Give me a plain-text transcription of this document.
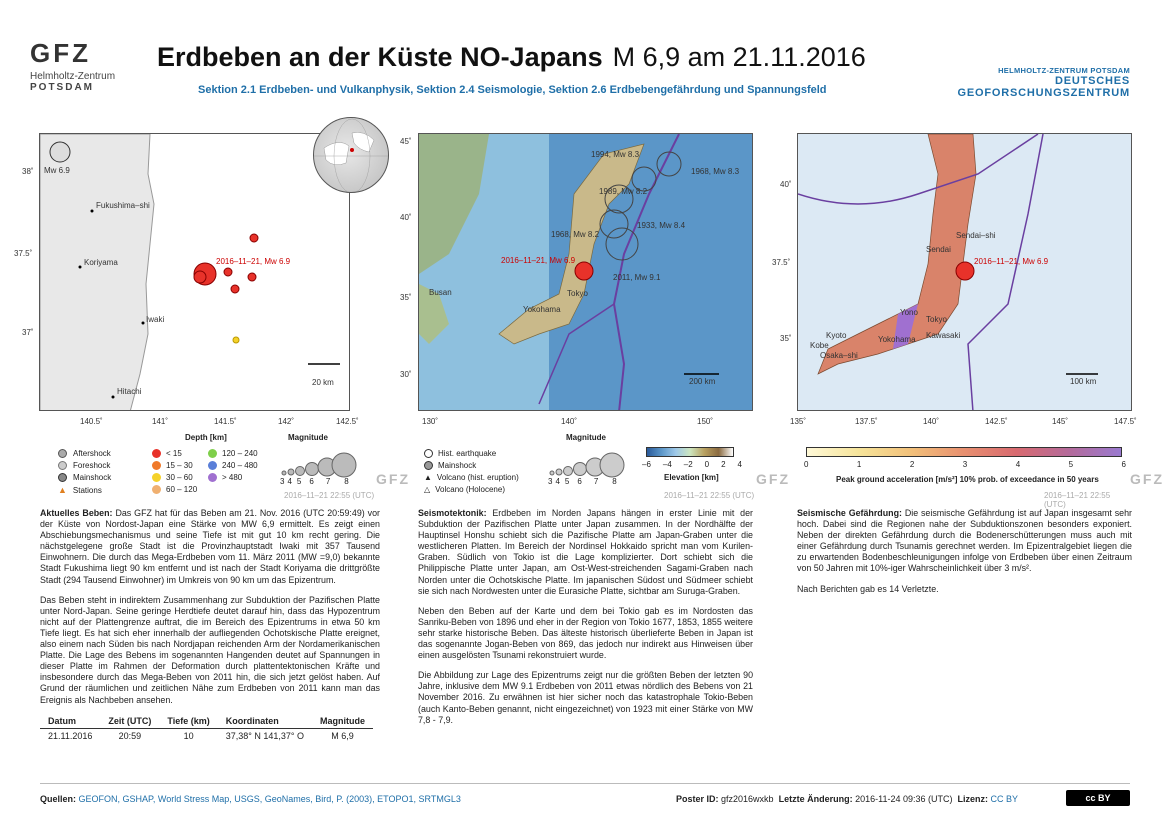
GFZ
Helmholtz-Zentrum
POTSDAM
Erdbeben an der Küste NO-Japans M 6,9 am 21.11.2016
Sektion 2.1 Erdbeben- und Vulkanphysik, Sektion 2.4 Seismologie, Sektion 2.6 Erdbebengefährdung und Spannungsfeld
HELMHOLTZ-ZENTRUM POTSDAM
DEUTSCHES
GEOFORSCHUNGSZENTRUM
Mw 6.9
Fukushima–shi
Koriyama
Iwaki
Hitachi
2016–11–21, Mw 6.9
20 km
38˚
37.5˚
37˚
140.5˚	141˚	141.5˚	142˚	142.5˚
1994, Mw 8.3
1968, Mw 8.3
1989, Mw 8.2
1933, Mw 8.4
1968, Mw 8.2
2016–11–21, Mw 6.9
2011, Mw 9.1
Busan	Tokyo
Yokohama
200 km
45˚
40˚
35˚
30˚
130˚	140˚	150˚
Sendai–shi
Sendai
2016–11–21, Mw 6.9
Yono
Tokyo
Kawasaki
Yokohama
Kyoto
Kobe
Osaka–shi
100 km
40˚
37.5˚
35˚
135˚	137.5˚	140˚	142.5˚	145˚	147.5˚
Aftershock
Foreshock
Mainshock
▲ Stations
Depth [km]
< 15
15 – 30
30 – 60
60 – 120
120 – 240
240 – 480
> 480
Magnitude
3 4 5 6 7 8 GFZ
2016–11–21 22:55 (UTC)
Hist. earthquake
Mainshock
▲ Volcano (hist. eruption)
△ Volcano (Holocene)
Magnitude
3 4 5 6 7 8
–6 –4 –2 0 2 4
Elevation [km]	GFZ
2016–11–21 22:55 (UTC)
0	1	2	3	4	5	6
Peak ground acceleration [m/s²] 10% prob. of exceedance in 50 years GFZ
2016–11–21 22:55 (UTC)

Aktuelles Beben: Das GFZ hat für das Beben am 21. Nov. 2016 (UTC 20:59:49) vor der Küste von Nordost-Japan eine Stärke von MW 6,9 ermittelt. Es zeigt einen Abschiebungsmechanismus und seine Tiefe ist mit gut 10 km recht gering. Die nächstgelegene große Stadt ist die Provinzhauptstadt Iwaki mit 357 Tausend Einwohnern. Die durch das Mega-Erdbeben vom 11. März 2011 (MW =9,0) bekannte Stadt Fukushima liegt 90 km entfernt und ist nach der Stadt Koriyama die drittgrößte Stadt (294 Tausend Einwohner) im Umkreis von 90 km um das Epizentrum.

Das Beben steht in indirektem Zusammenhang zur Subduktion der Pazifischen Platte unter Nord-Japan. Seine geringe Herdtiefe deutet darauf hin, dass das Hypozentrum nicht auf der Plattengrenze auftrat, die im Bereich des Epizentrums in etwa 50 km Tiefe liegt. Es hat sich eher innerhalb der aufliegenden Ochotskische Platte ereignet, also einem nach Süden bis nach Nordjapan reichenden Arm der Nordamerikanischen Platte. Die Lage des Bebens im sogenannten Hangenden deutet auf Spannungen in dieser Platte im Rahmen der Deformation durch plattentektonischen Kräfte und insbesondere durch das Mega-Beben von 2011 hin, die sich jetzt gelöst haben. Auf Grund der räumlichen und zeitlichen Nähe zum Erdbeben von 2011 kann man das Ereignis als Nachbeben ansehen.

Datum	Zeit (UTC)	Tiefe (km)	Koordinaten	Magnitude
21.11.2016	20:59	10	37,38° N 141,37° O	M 6,9

Seismotektonik: Erdbeben im Norden Japans hängen in erster Linie mit der Subduktion der Pazifischen Platte unter Japan zusammen. In der Nordhälfte der Hauptinsel Honshu schiebt sich die Pazifische Platte am Japan-Graben unter die westlicheren Platten. Im Bereich der Nordinsel Hokkaido spricht man vom Kurilen-Graben. Südlich von Tokio ist die Lage komplizierter. Dort schiebt sich die Philippische Platte unter Japan, am Ost-West-streichenden Sagami-Graben nach Norden unter die Ochotskische Platte. Im japanischen Südost und Südmeer schiebt sie sich nach Nordwesten unter die Eurasiche Platte, sichtbar am Suruga-Graben.

Neben den Beben auf der Karte und dem bei Tokio gab es im Nordosten das Sanriku-Beben von 1896 und eher in der Region von Tokio 1677, 1853, 1855 weitere sehr starke historische Beben. Das älteste historisch überlieferte Beben in Japan ist das sogenannte Jogan-Beben von 869, das jedoch nur indirekt aus Hinweisen über einen ausgelösten Tsunami rekonstruiert wurde.

Die Abbildung zur Lage des Epizentrums zeigt nur die größten Beben der letzten 90 Jahre, inklusive dem MW 9.1 Erdbeben von 2011 etwas nördlich des Bebens von 21 November 2016. Zu erwähnen ist hier sicher noch das katastrophale Tokio-Beben (auch Kanto-Beben genannt, nicht eingezeichnet) von 1923 mit einer Stärke von MW 7,8 - 7,9.

Seismische Gefährdung: Die seismische Gefährdung ist auf Japan insgesamt sehr hoch. Dabei sind die Regionen nahe der Subduktionszonen besonders exponiert. Neben der direkten Gefährdung durch die Bodenerschütterungen muss auch mit einer Gefährdung durch Tsunamis gerechnet werden. Im Epizentralgebiet liegen die zu erwartenden Bodenbeschleunigungen infolge von Erdbeben über einen Zeitraum von 50 Jahren mit 10%-iger Wahrscheinlichkeit über 3 m/s².

Nach Berichten gab es 14 Verletzte.

Quellen: GEOFON, GSHAP, World Stress Map, USGS, GeoNames, Bird, P. (2003), ETOPO1, SRTMGL3	Poster ID: gfz2016wxkb Letzte Änderung: 2016-11-24 09:36 (UTC) Lizenz: CC BY	cc BY
